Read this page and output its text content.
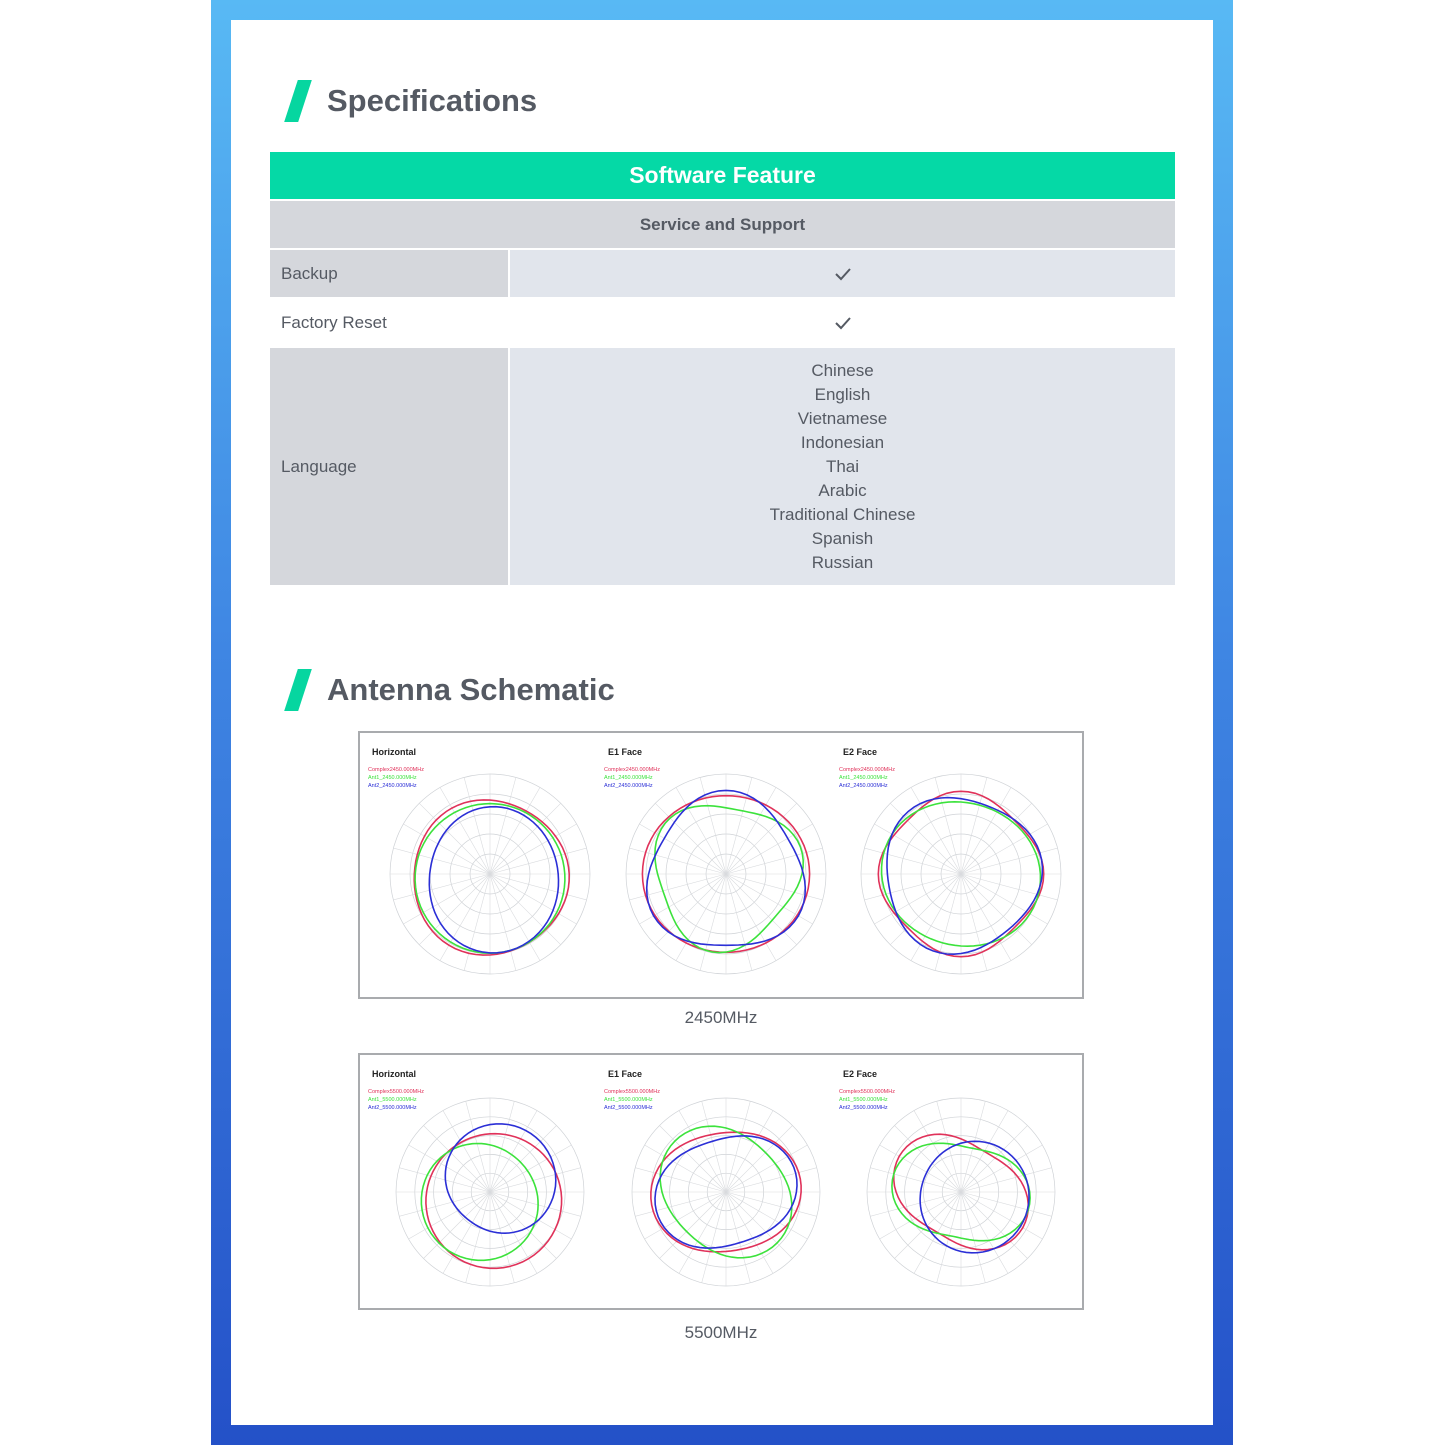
Specifications
Software Feature
Service and Support
Backup
Factory Reset
Language
Chinese
English
Vietnamese
Indonesian
Thai
Arabic
Traditional Chinese
Spanish
Russian
Antenna Schematic
Horizontal
Complex2450.000MHz
Ant1_2450.000MHz
Ant2_2450.000MHz
E1 Face
Complex2450.000MHz
Ant1_2450.000MHz
Ant2_2450.000MHz
E2 Face
Complex2450.000MHz
Ant1_2450.000MHz
Ant2_2450.000MHz
2450MHz
Horizontal
Complex5500.000MHz
Ant1_5500.000MHz
Ant2_5500.000MHz
E1 Face
Complex5500.000MHz
Ant1_5500.000MHz
Ant2_5500.000MHz
E2 Face
Complex5500.000MHz
Ant1_5500.000MHz
Ant2_5500.000MHz
5500MHz
